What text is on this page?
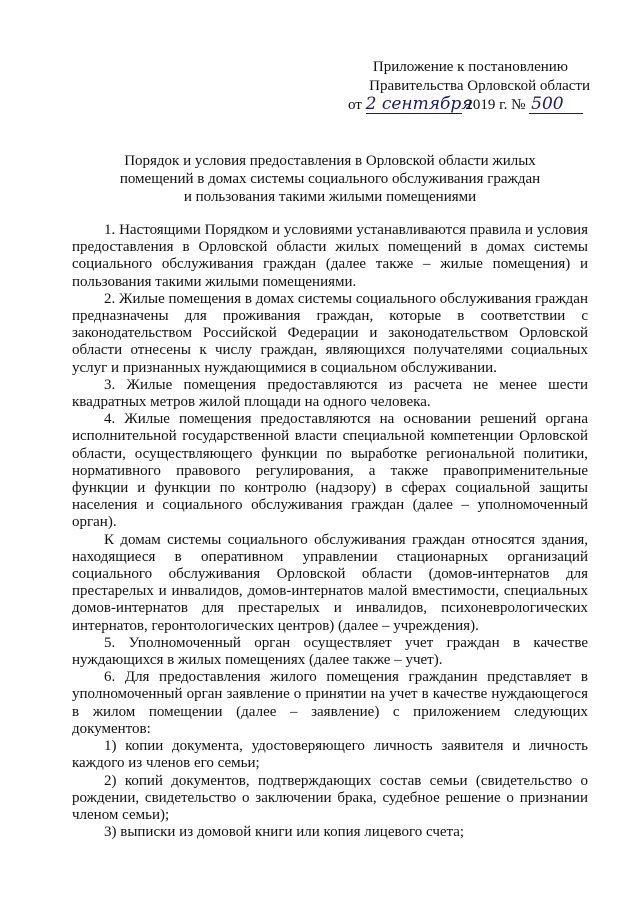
Приложение к постановлению
Правительства Орловской области
от 2 сентября 2019 г. № 500
Порядок и условия предоставления в Орловской области жилых
помещений в домах системы социального обслуживания граждан
и пользования такими жилыми помещениями

1. Настоящими Порядком и условиями устанавливаются правила и условия предоставления в Орловской области жилых помещений в домах системы социального обслуживания граждан (далее также – жилые помещения) и пользования такими жилыми помещениями.

2. Жилые помещения в домах системы социального обслуживания граждан предназначены для проживания граждан, которые в соответствии с законодательством Российской Федерации и законодательством Орловской области отнесены к числу граждан, являющихся получателями социальных услуг и признанных нуждающимися в социальном обслуживании.

3. Жилые помещения предоставляются из расчета не менее шести квадратных метров жилой площади на одного человека.

4. Жилые помещения предоставляются на основании решений органа исполнительной государственной власти специальной компетенции Орловской области, осуществляющего функции по выработке региональной политики, нормативного правового регулирования, а также правоприменительные функции и функции по контролю (надзору) в сферах социальной защиты населения и социального обслуживания граждан (далее – уполномоченный орган).

К домам системы социального обслуживания граждан относятся здания, находящиеся в оперативном управлении стационарных организаций социального обслуживания Орловской области (домов-интернатов для престарелых и инвалидов, домов-интернатов малой вместимости, специальных домов-интернатов для престарелых и инвалидов, психоневрологических интернатов, геронтологических центров) (далее – учреждения).

5. Уполномоченный орган осуществляет учет граждан в качестве нуждающихся в жилых помещениях (далее также – учет).

6. Для предоставления жилого помещения гражданин представляет в уполномоченный орган заявление о принятии на учет в качестве нуждающегося в жилом помещении (далее – заявление) с приложением следующих документов:

1) копии документа, удостоверяющего личность заявителя и личность каждого из членов его семьи;

2) копий документов, подтверждающих состав семьи (свидетельство о рождении, свидетельство о заключении брака, судебное решение о признании членом семьи);

3) выписки из домовой книги или копия лицевого счета;
